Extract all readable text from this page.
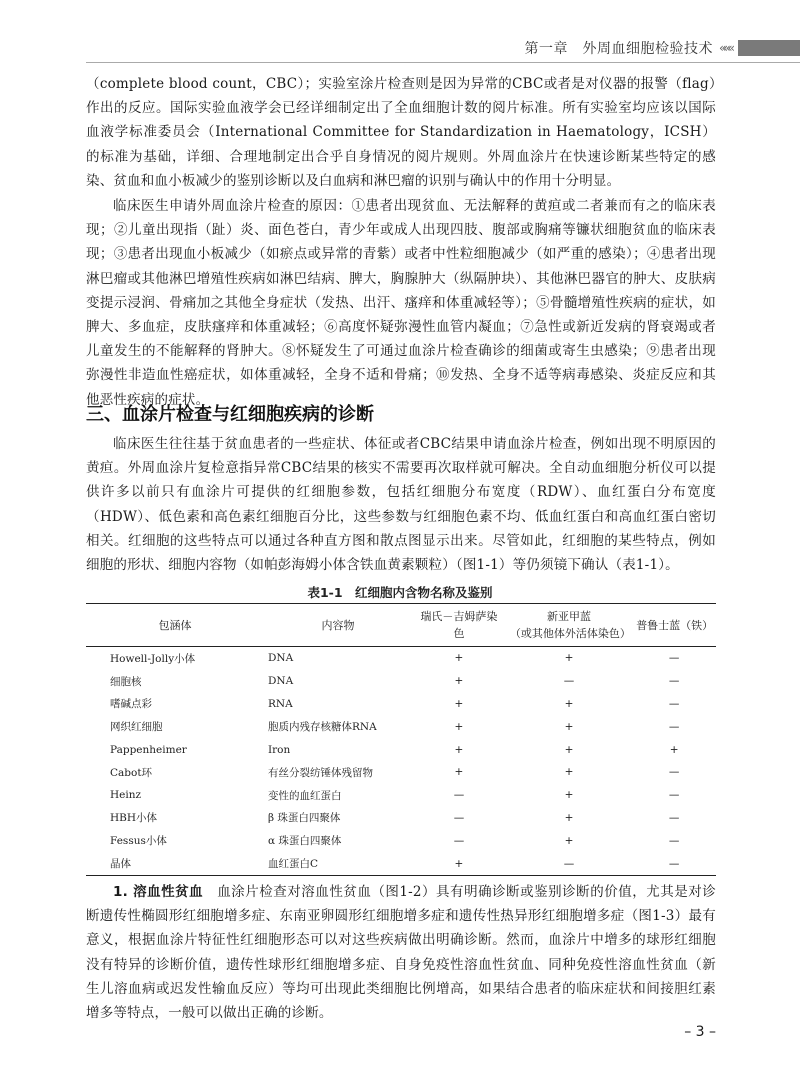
第一章　外周血细胞检验技术 «««

（complete blood count，CBC）；实验室涂片检查则是因为异常的CBC或者是对仪器的报警（flag）作出的反应。国际实验血液学会已经详细制定出了全血细胞计数的阅片标准。所有实验室均应该以国际血液学标准委员会（International Committee for Standardization in Haematology，ICSH）的标准为基础，详细、合理地制定出合乎自身情况的阅片规则。外周血涂片在快速诊断某些特定的感染、贫血和血小板减少的鉴别诊断以及白血病和淋巴瘤的识别与确认中的作用十分明显。

临床医生申请外周血涂片检查的原因：①患者出现贫血、无法解释的黄疸或二者兼而有之的临床表现；②儿童出现指（趾）炎、面色苍白，青少年或成人出现四肢、腹部或胸痛等镰状细胞贫血的临床表现；③患者出现血小板减少（如瘀点或异常的青紫）或者中性粒细胞减少（如严重的感染）；④患者出现淋巴瘤或其他淋巴增殖性疾病如淋巴结病、脾大，胸腺肿大（纵隔肿块）、其他淋巴器官的肿大、皮肤病变提示浸润、骨痛加之其他全身症状（发热、出汗、瘙痒和体重减轻等）；⑤骨髓增殖性疾病的症状，如脾大、多血症，皮肤瘙痒和体重减轻；⑥高度怀疑弥漫性血管内凝血；⑦急性或新近发病的肾衰竭或者儿童发生的不能解释的肾肿大。⑧怀疑发生了可通过血涂片检查确诊的细菌或寄生虫感染；⑨患者出现弥漫性非造血性癌症状，如体重减轻，全身不适和骨痛；⑩发热、全身不适等病毒感染、炎症反应和其他恶性疾病的症状。

三、血涂片检查与红细胞疾病的诊断

临床医生往往基于贫血患者的一些症状、体征或者CBC结果申请血涂片检查，例如出现不明原因的黄疸。外周血涂片复检意指异常CBC结果的核实不需要再次取样就可解决。全自动血细胞分析仪可以提供许多以前只有血涂片可提供的红细胞参数，包括红细胞分布宽度（RDW）、血红蛋白分布宽度（HDW）、低色素和高色素红细胞百分比，这些参数与红细胞色素不均、低血红蛋白和高血红蛋白密切相关。红细胞的这些特点可以通过各种直方图和散点图显示出来。尽管如此，红细胞的某些特点，例如细胞的形状、细胞内容物（如帕彭海姆小体含铁血黄素颗粒）（图1-1）等仍须镜下确认（表1-1）。

表1-1　红细胞内含物名称及鉴别

包涵体	内容物	瑞氏－吉姆萨染色	新亚甲蓝
（或其他体外活体染色）	普鲁士蓝（铁）
Howell-Jolly小体	DNA	+	+	—
细胞核	DNA	+	—	—
嗜碱点彩	RNA	+	+	—
网织红细胞	胞质内残存核糖体RNA	+	+	—
Pappenheimer	Iron	+	+	+
Cabot环	有丝分裂纺锤体残留物	+	+	—
Heinz	变性的血红蛋白	—	+	—
HBH小体	β 珠蛋白四聚体	—	+	—
Fessus小体	α 珠蛋白四聚体	—	+	—
晶体	血红蛋白C	+	—	—

1. 溶血性贫血　血涂片检查对溶血性贫血（图1-2）具有明确诊断或鉴别诊断的价值，尤其是对诊断遗传性椭圆形红细胞增多症、东南亚卵圆形红细胞增多症和遗传性热异形红细胞增多症（图1-3）最有意义，根据血涂片特征性红细胞形态可以对这些疾病做出明确诊断。然而，血涂片中增多的球形红细胞没有特异的诊断价值，遗传性球形红细胞增多症、自身免疫性溶血性贫血、同种免疫性溶血性贫血（新生儿溶血病或迟发性输血反应）等均可出现此类细胞比例增高，如果结合患者的临床症状和间接胆红素增多等特点，一般可以做出正确的诊断。

– 3 –
